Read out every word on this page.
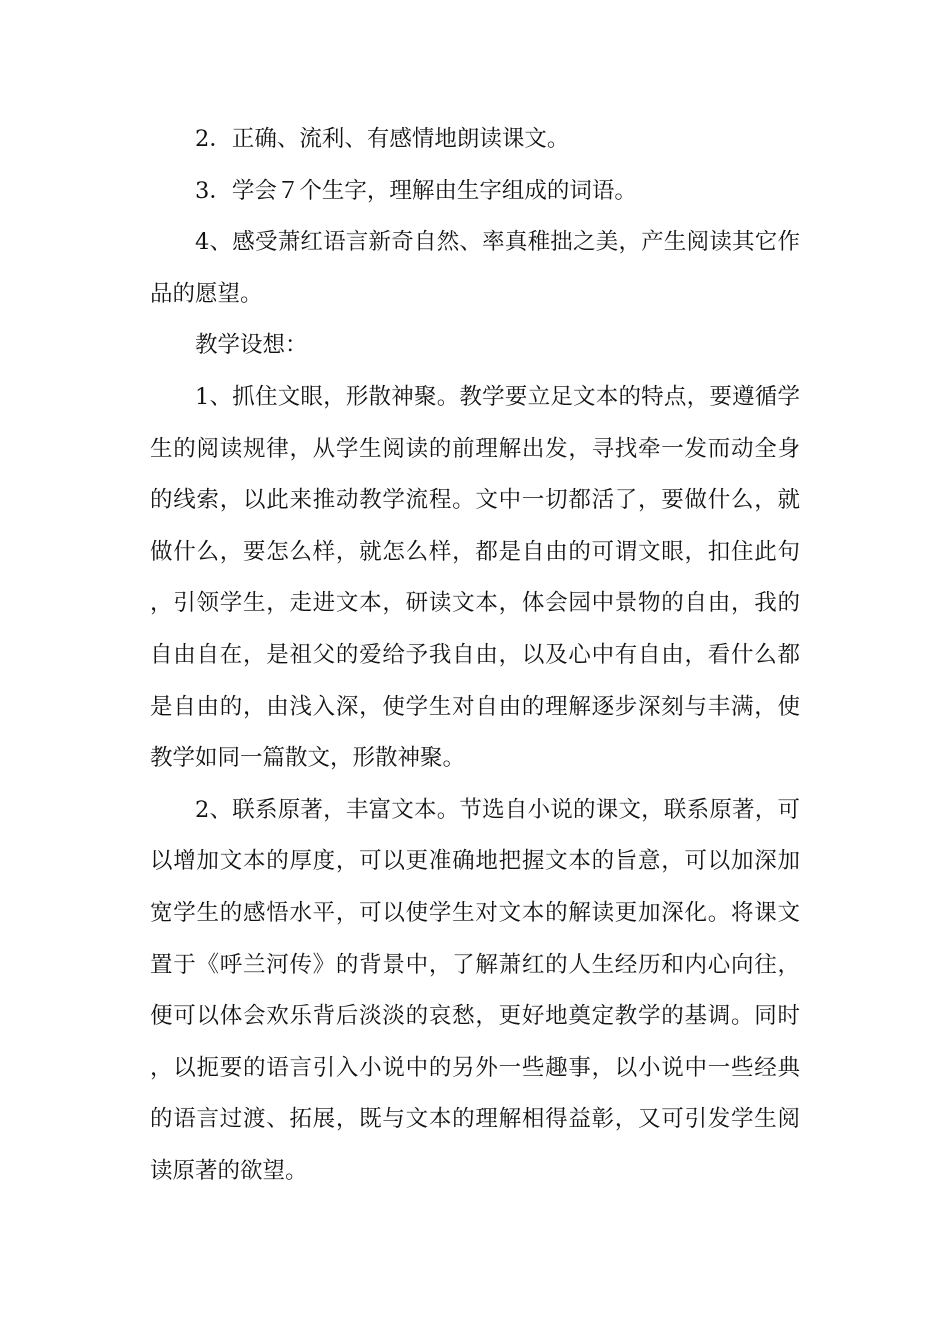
2．正确、流利、有感情地朗读课文。

3．学会７个生字，理解由生字组成的词语。

4、感受萧红语言新奇自然、率真稚拙之美，产生阅读其它作品的愿望。

教学设想：

1、抓住文眼，形散神聚。教学要立足文本的特点，要遵循学生的阅读规律，从学生阅读的前理解出发，寻找牵一发而动全身的线索，以此来推动教学流程。文中一切都活了，要做什么，就做什么，要怎么样，就怎么样，都是自由的可谓文眼，扣住此句，引领学生，走进文本，研读文本，体会园中景物的自由，我的自由自在，是祖父的爱给予我自由，以及心中有自由，看什么都是自由的，由浅入深，使学生对自由的理解逐步深刻与丰满，使教学如同一篇散文，形散神聚。

2、联系原著，丰富文本。节选自小说的课文，联系原著，可以增加文本的厚度，可以更准确地把握文本的旨意，可以加深加宽学生的感悟水平，可以使学生对文本的解读更加深化。将课文置于《呼兰河传》的背景中，了解萧红的人生经历和内心向往，便可以体会欢乐背后淡淡的哀愁，更好地奠定教学的基调。同时，以扼要的语言引入小说中的另外一些趣事，以小说中一些经典的语言过渡、拓展，既与文本的理解相得益彰，又可引发学生阅读原著的欲望。
